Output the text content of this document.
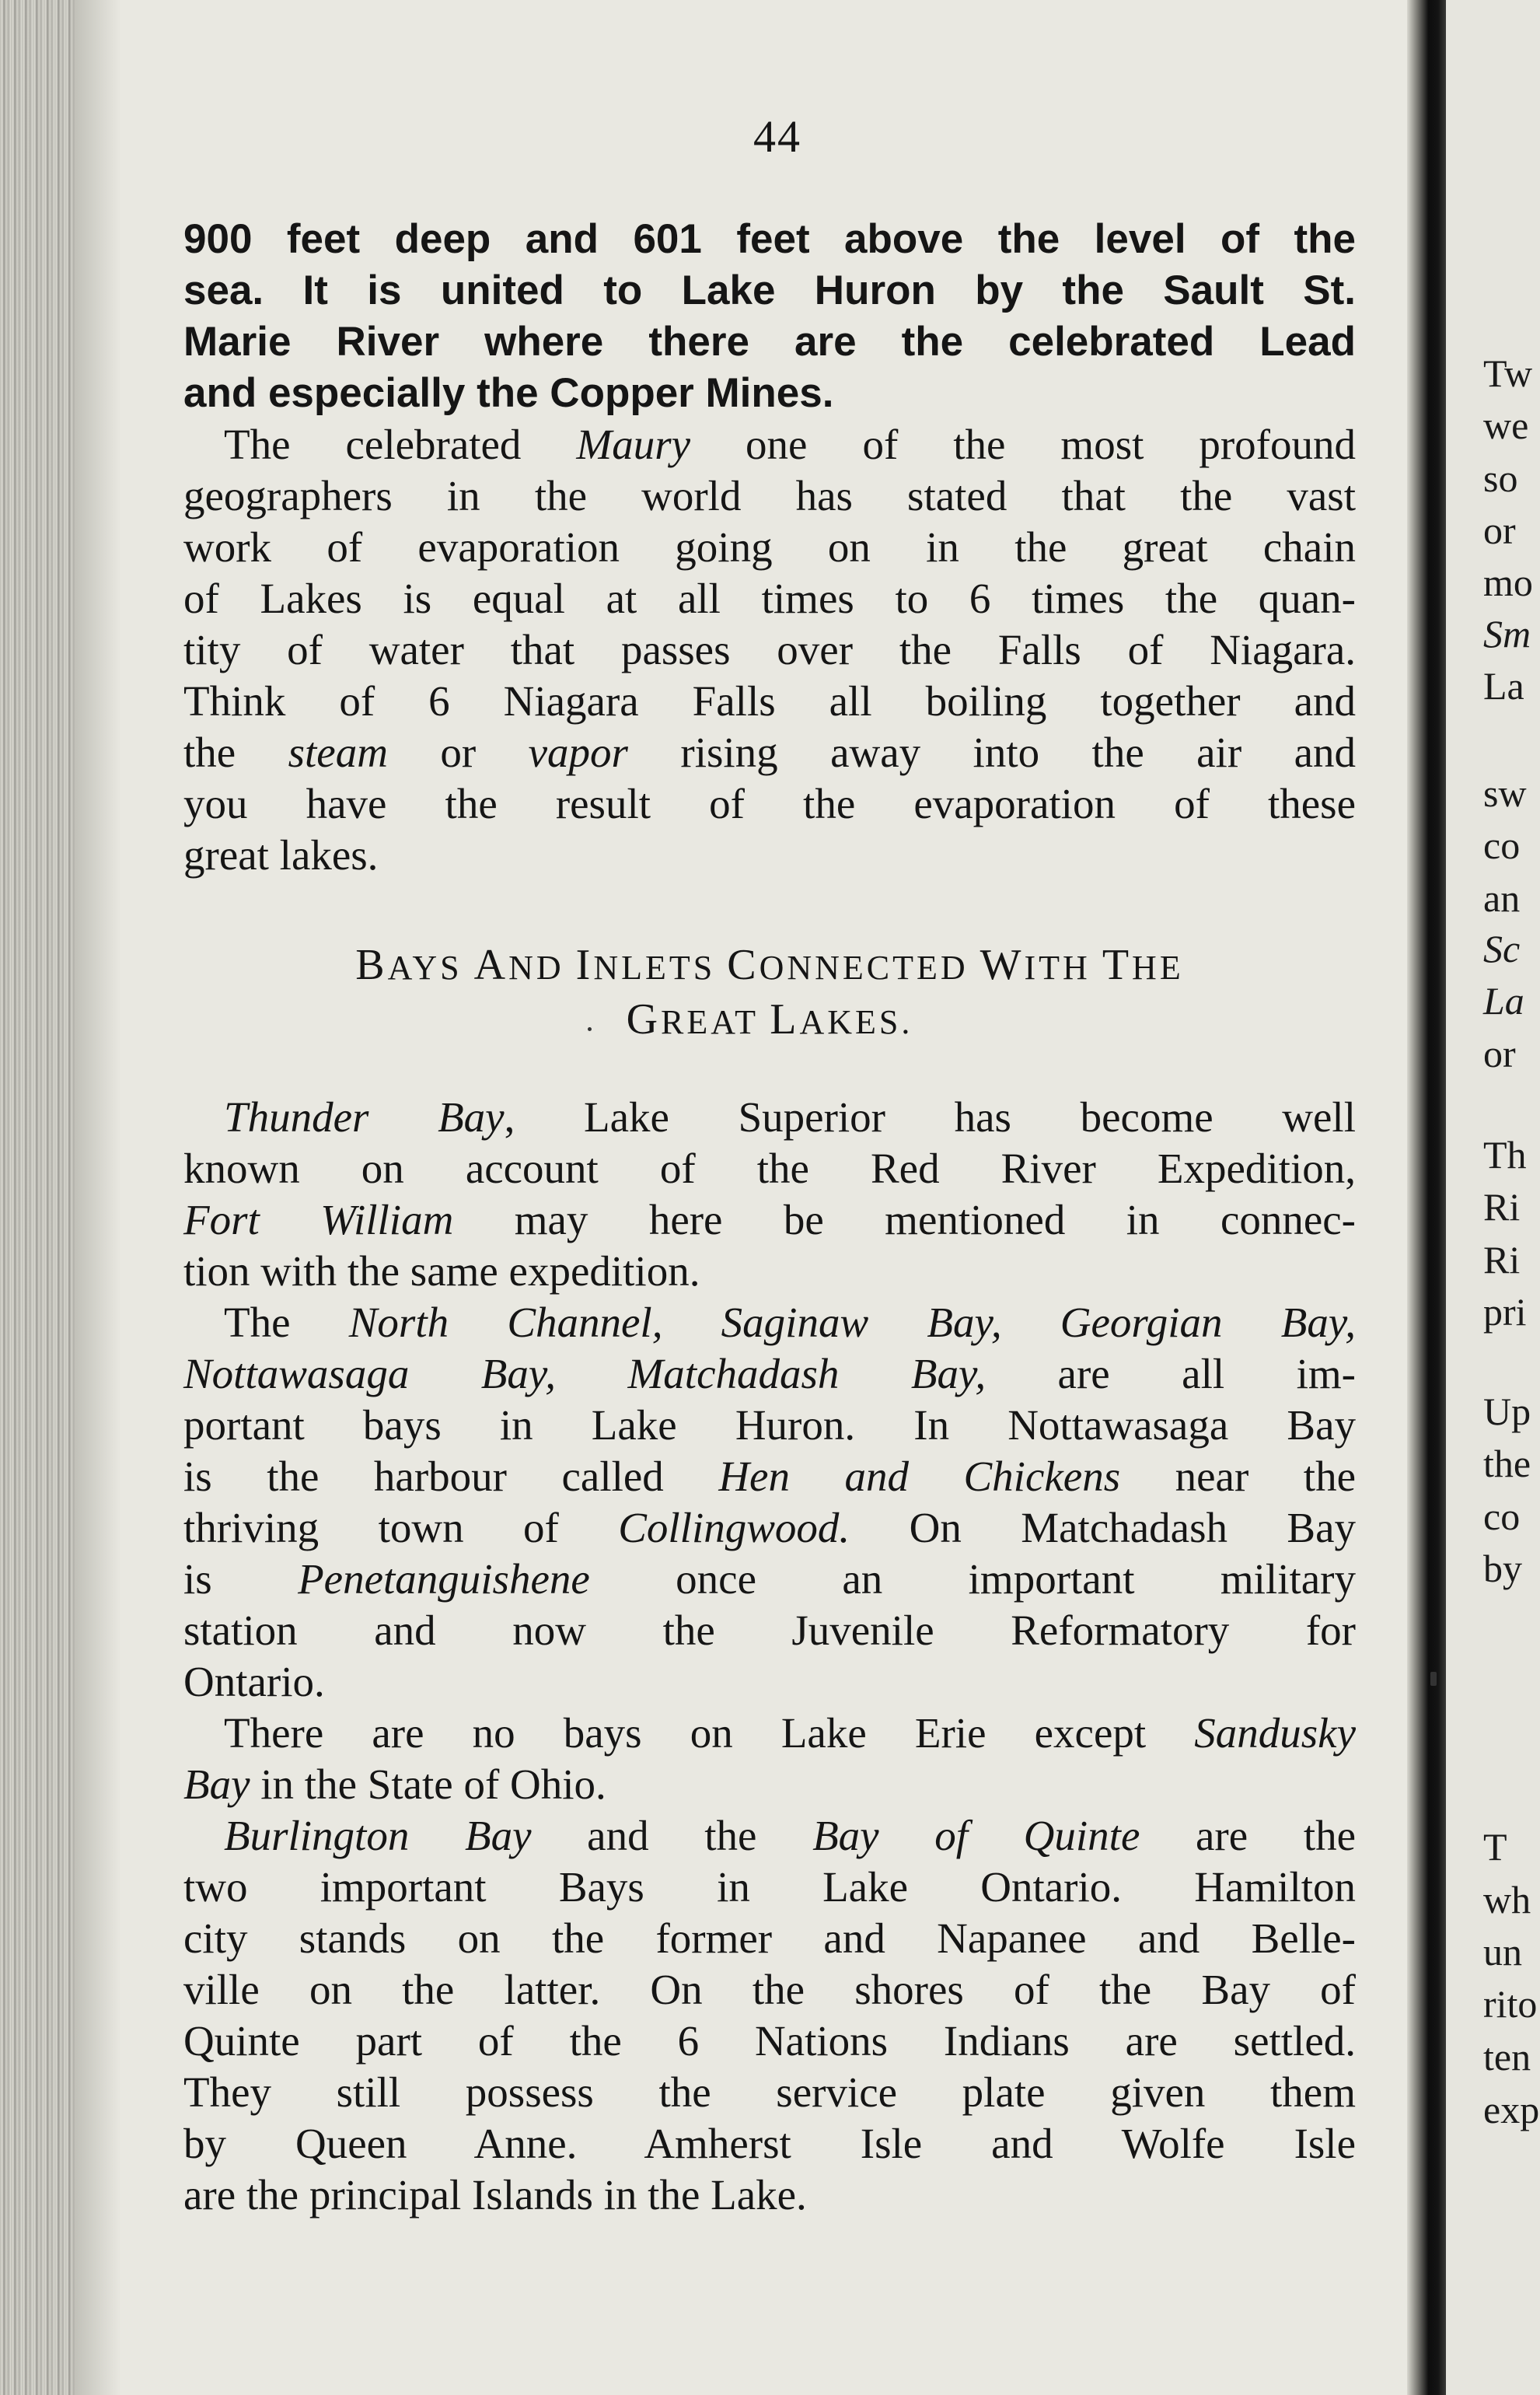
44
900 feet deep and 601 feet above the level of the
sea. It is united to Lake Huron by the Sault St.
Marie River where there are the celebrated Lead
and especially the Copper Mines.
The celebrated Maury one of the most profound
geographers in the world has stated that the vast
work of evaporation going on in the great chain
of Lakes is equal at all times to 6 times the quan-
tity of water that passes over the Falls of Niagara.
Think of 6 Niagara Falls all boiling together and
the steam or vapor rising away into the air and
you have the result of the evaporation of these
great lakes.
BAYS AND INLETS CONNECTED WITH THE
GREAT LAKES.
Thunder Bay, Lake Superior has become well
known on account of the Red River Expedition,
Fort William may here be mentioned in connec-
tion with the same expedition.
The North Channel, Saginaw Bay, Georgian Bay,
Nottawasaga Bay, Matchadash Bay, are all im-
portant bays in Lake Huron. In Nottawasaga Bay
is the harbour called Hen and Chickens near the
thriving town of Collingwood. On Matchadash Bay
is Penetanguishene once an important military
station and now the Juvenile Reformatory for
Ontario.
There are no bays on Lake Erie except Sandusky
Bay in the State of Ohio.
Burlington Bay and the Bay of Quinte are the
two important Bays in Lake Ontario. Hamilton
city stands on the former and Napanee and Belle-
ville on the latter. On the shores of the Bay of
Quinte part of the 6 Nations Indians are settled.
They still possess the service plate given them
by Queen Anne. Amherst Isle and Wolfe Isle
are the principal Islands in the Lake.
Tw
we
so
or
mo
Sm
La
sw
co
an
Sc
La
or
Th
Ri
Ri
pri
Up
the
co
by
T
wh
un
rito
ten
exp
